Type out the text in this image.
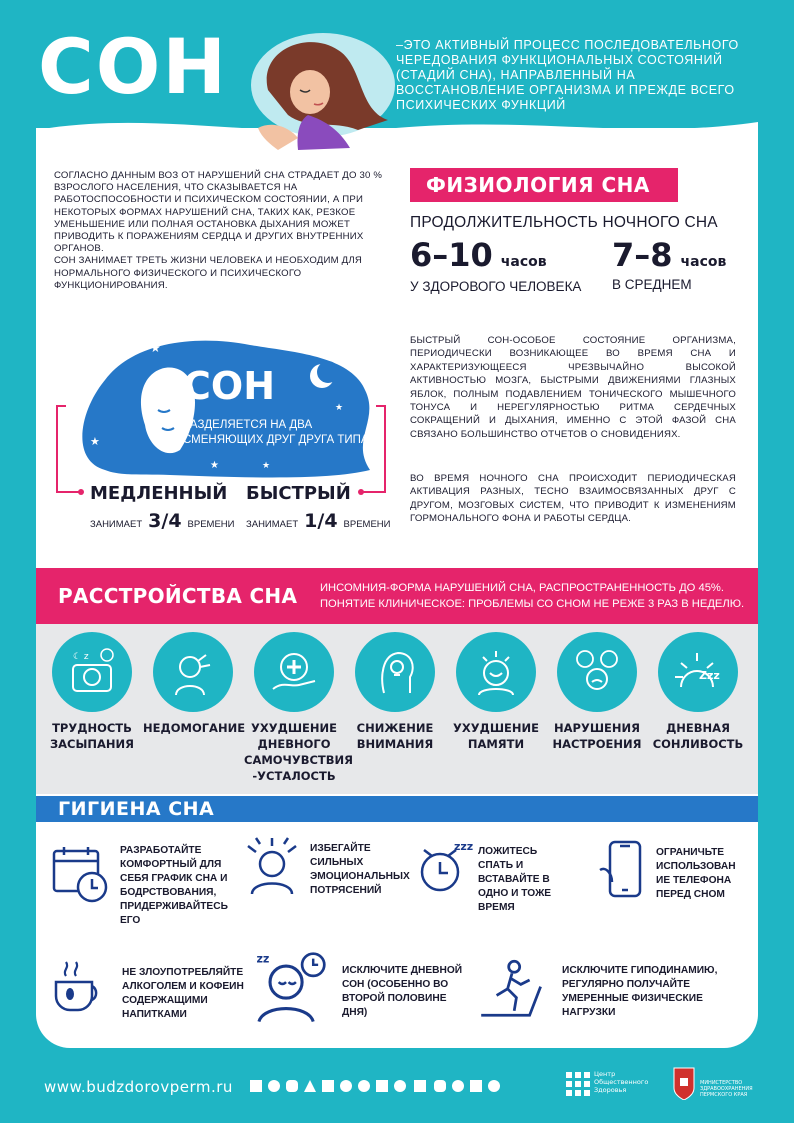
СОН	–ЭТО АКТИВНЫЙ ПРОЦЕСС ПОСЛЕДОВАТЕЛЬНОГО ЧЕРЕДОВАНИЯ ФУНКЦИОНАЛЬНЫХ СОСТОЯНИЙ (СТАДИЙ СНА), НАПРАВЛЕННЫЙ НА ВОССТАНОВЛЕНИЕ ОРГАНИЗМА И ПРЕЖДЕ ВСЕГО ПСИХИЧЕСКИХ ФУНКЦИЙ

СОГЛАСНО ДАННЫМ ВОЗ ОТ НАРУШЕНИЙ СНА СТРАДАЕТ ДО 30 % ВЗРОСЛОГО НАСЕЛЕНИЯ, ЧТО СКАЗЫВАЕТСЯ НА РАБОТОСПОСОБНОСТИ И ПСИХИЧЕСКОМ СОСТОЯНИИ, А ПРИ НЕКОТОРЫХ ФОРМАХ НАРУШЕНИЙ СНА, ТАКИХ КАК, РЕЗКОЕ УМЕНЬШЕНИЕ ИЛИ ПОЛНАЯ ОСТАНОВКА ДЫХАНИЯ МОЖЕТ ПРИВОДИТЬ К ПОРАЖЕНИЯМ СЕРДЦА И ДРУГИХ ВНУТРЕННИХ ОРГАНОВ.

СОН ЗАНИМАЕТ ТРЕТЬ ЖИЗНИ ЧЕЛОВЕКА И НЕОБХОДИМ ДЛЯ НОРМАЛЬНОГО ФИЗИЧЕСКОГО И ПСИХИЧЕСКОГО ФУНКЦИОНИРОВАНИЯ.

ФИЗИОЛОГИЯ СНА
ПРОДОЛЖИТЕЛЬНОСТЬ НОЧНОГО СНА
6–10 часов
У ЗДОРОВОГО ЧЕЛОВЕКА
7–8 часов
В СРЕДНЕМ
БЫСТРЫЙ СОН-ОСОБОЕ СОСТОЯНИЕ ОРГАНИЗМА, ПЕРИОДИЧЕСКИ ВОЗНИКАЮЩЕЕ ВО ВРЕМЯ СНА И ХАРАКТЕРИЗУЮЩЕЕСЯ ЧРЕЗВЫЧАЙНО ВЫСОКОЙ АКТИВНОСТЬЮ МОЗГА, БЫСТРЫМИ ДВИЖЕНИЯМИ ГЛАЗНЫХ ЯБЛОК, ПОЛНЫМ ПОДАВЛЕНИЕМ ТОНИЧЕСКОГО МЫШЕЧНОГО ТОНУСА И НЕРЕГУЛЯРНОСТЬЮ РИТМА СЕРДЕЧНЫХ СОКРАЩЕНИЙ И ДЫХАНИЯ, ИМЕННО С ЭТОЙ ФАЗОЙ СНА СВЯЗАНО БОЛЬШИНСТВО ОТЧЕТОВ О СНОВИДЕНИЯХ.
ВО ВРЕМЯ НОЧНОГО СНА ПРОИСХОДИТ ПЕРИОДИЧЕСКАЯ АКТИВАЦИЯ РАЗНЫХ, ТЕСНО ВЗАИМОСВЯЗАННЫХ ДРУГ С ДРУГОМ, МОЗГОВЫХ СИСТЕМ, ЧТО ПРИВОДИТ К ИЗМЕНЕНИЯМ ГОРМОНАЛЬНОГО ФОНА И РАБОТЫ СЕРДЦА.
★
★
★	★
★
СОН
РАЗДЕЛЯЕТСЯ НА ДВА СМЕНЯЮЩИХ ДРУГ ДРУГА ТИПА
МЕДЛЕННЫЙ
ЗАНИМАЕТ 3/4 ВРЕМЕНИ
БЫСТРЫЙ
ЗАНИМАЕТ 1/4 ВРЕМЕНИ
РАССТРОЙСТВА СНА ИНСОМНИЯ-ФОРМА НАРУШЕНИЙ СНА, РАСПРОСТРАНЕННОСТЬ ДО 45%. ПОНЯТИЕ КЛИНИЧЕСКОЕ: ПРОБЛЕМЫ СО СНОМ НЕ РЕЖЕ 3 РАЗ В НЕДЕЛЮ.
☾ z
ТРУДНОСТЬ ЗАСЫПАНИЯ
НЕДОМОГАНИЕ УХУДШЕНИЕ ДНЕВНОГО САМОЧУВСТВИЯ -УСТАЛОСТЬ
СНИЖЕНИЕ ВНИМАНИЯ
УХУДШЕНИЕ ПАМЯТИ
НАРУШЕНИЯ НАСТРОЕНИЯ
Zzz
ДНЕВНАЯ СОНЛИВОСТЬ
ГИГИЕНА СНА
РАЗРАБОТАЙТЕ КОМФОРТНЫЙ ДЛЯ СЕБЯ ГРАФИК СНА И БОДРСТВОВАНИЯ, ПРИДЕРЖИВАЙТЕСЬ ЕГО
ИЗБЕГАЙТЕ СИЛЬНЫХ ЭМОЦИОНАЛЬНЫХ ПОТРЯСЕНИЙ
zzz ЛОЖИТЕСЬ СПАТЬ И ВСТАВАЙТЕ В ОДНО И ТОЖЕ ВРЕМЯ
ОГРАНИЧЬТЕ ИСПОЛЬЗОВАН ИЕ ТЕЛЕФОНА ПЕРЕД СНОМ
НЕ ЗЛОУПОТРЕБЛЯЙТЕ АЛКОГОЛЕМ И КОФЕИН СОДЕРЖАЩИМИ НАПИТКАМИ
zz
ИСКЛЮЧИТЕ ДНЕВНОЙ СОН (ОСОБЕННО ВО ВТОРОЙ ПОЛОВИНЕ ДНЯ)
ИСКЛЮЧИТЕ ГИПОДИНАМИЮ, РЕГУЛЯРНО ПОЛУЧАЙТЕ УМЕРЕННЫЕ ФИЗИЧЕСКИЕ НАГРУЗКИ
www.budzdorovperm.ru
Центр Общественного Здоровья
МИНИСТЕРСТВО ЗДРАВООХРАНЕНИЯ ПЕРМСКОГО КРАЯ
